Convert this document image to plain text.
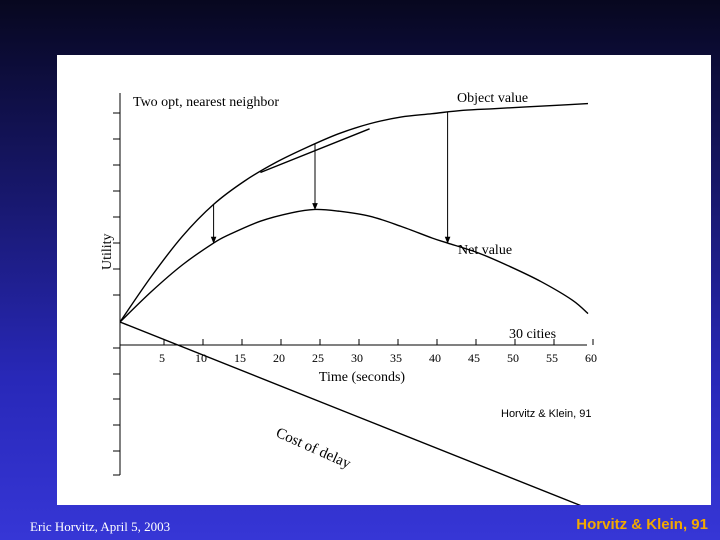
Utility
5	10 15 20 25 30 35 40 45 50 55 60
Time (seconds)
Two opt, nearest neighbor	Object value
Net value
30 cities
Horvitz & Klein, 91
Cost of delay
Eric Horvitz, April 5, 2003	Horvitz & Klein, 91
